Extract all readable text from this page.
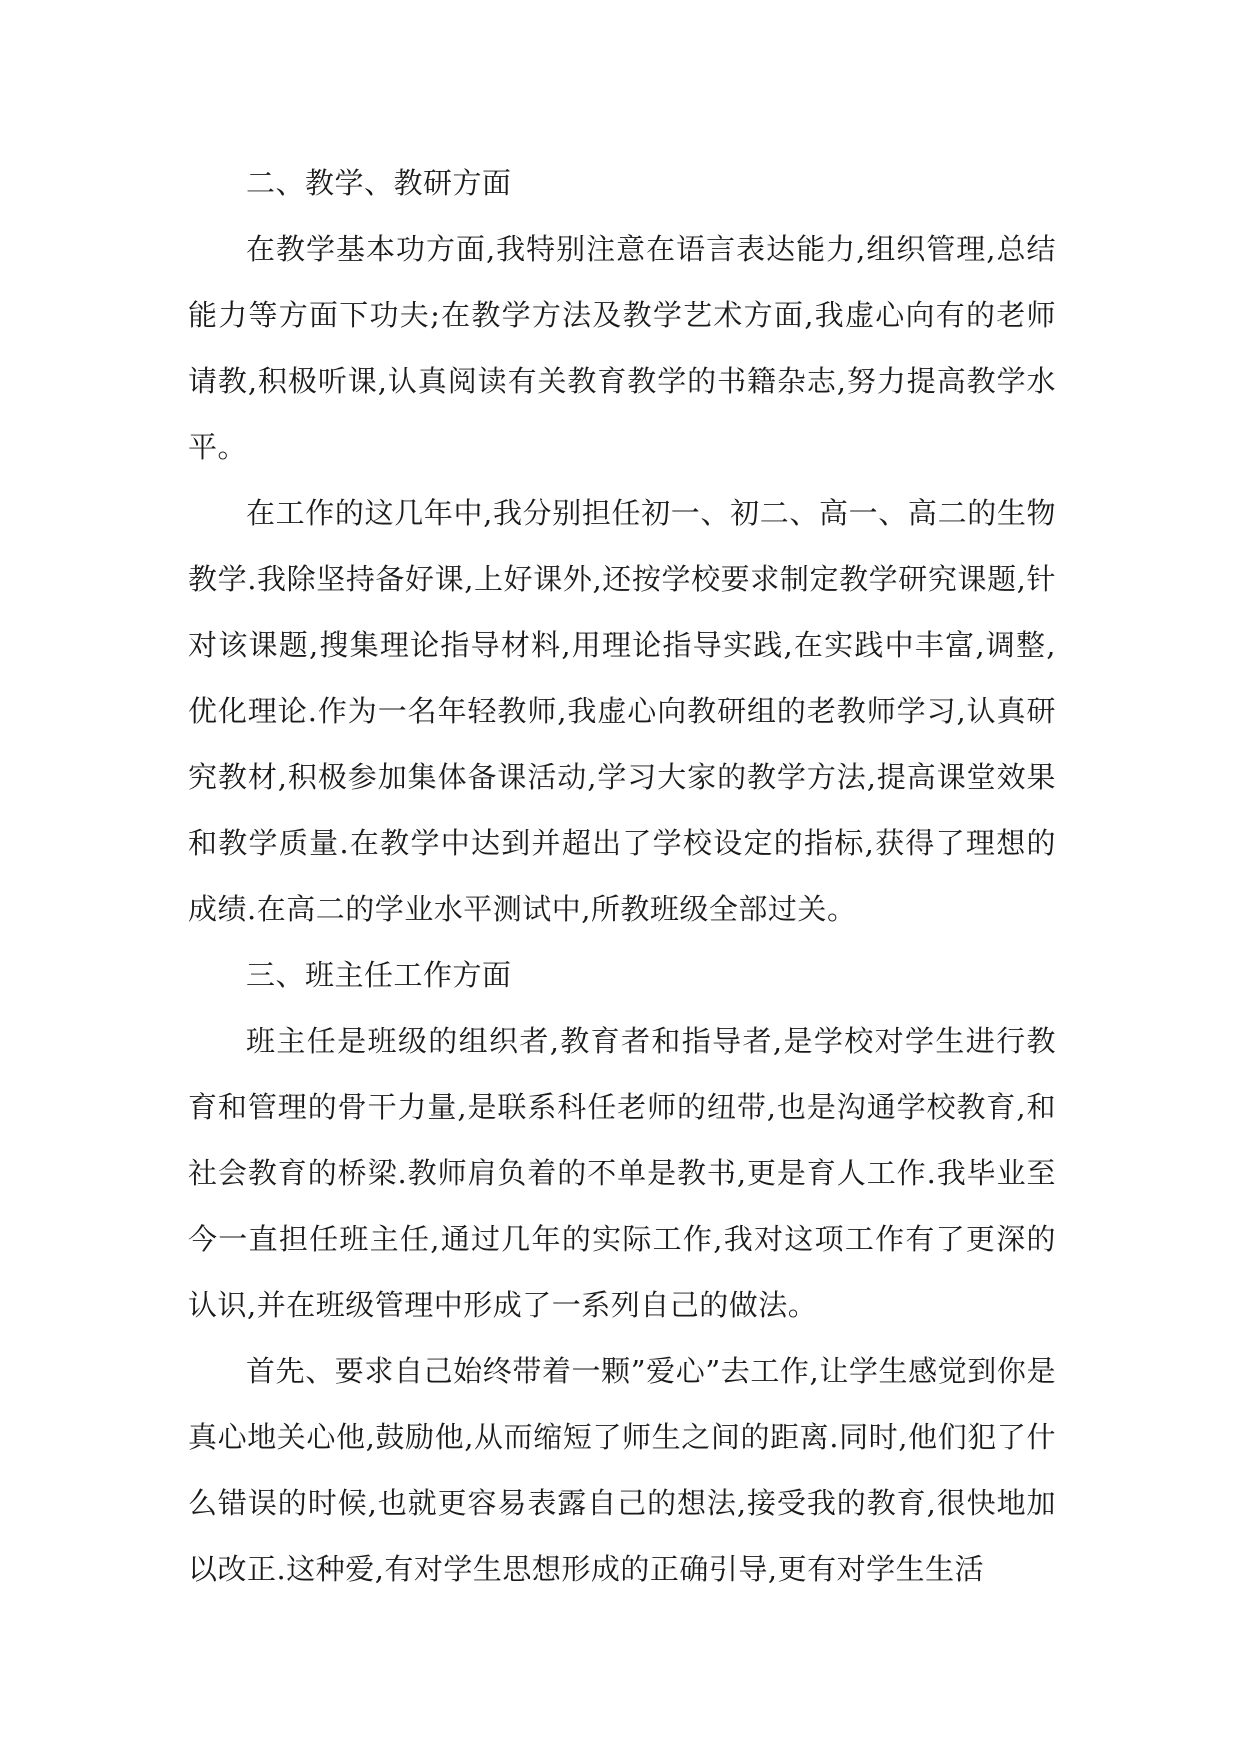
二、教学、教研方面

在教学基本功方面,我特别注意在语言表达能力,组织管理,总结能力等方面下功夫;在教学方法及教学艺术方面,我虚心向有的老师请教,积极听课,认真阅读有关教育教学的书籍杂志,努力提高教学水平。

在工作的这几年中,我分别担任初一、初二、高一、高二的生物教学.我除坚持备好课,上好课外,还按学校要求制定教学研究课题,针对该课题,搜集理论指导材料,用理论指导实践,在实践中丰富,调整,优化理论.作为一名年轻教师,我虚心向教研组的老教师学习,认真研究教材,积极参加集体备课活动,学习大家的教学方法,提高课堂效果和教学质量.在教学中达到并超出了学校设定的指标,获得了理想的成绩.在高二的学业水平测试中,所教班级全部过关。

三、班主任工作方面

班主任是班级的组织者,教育者和指导者,是学校对学生进行教育和管理的骨干力量,是联系科任老师的纽带,也是沟通学校教育,和社会教育的桥梁.教师肩负着的不单是教书,更是育人工作.我毕业至今一直担任班主任,通过几年的实际工作,我对这项工作有了更深的认识,并在班级管理中形成了一系列自己的做法。

首先、要求自己始终带着一颗”爱心”去工作,让学生感觉到你是真心地关心他,鼓励他,从而缩短了师生之间的距离.同时,他们犯了什么错误的时候,也就更容易表露自己的想法,接受我的教育,很快地加以改正.这种爱,有对学生思想形成的正确引导,更有对学生生活
